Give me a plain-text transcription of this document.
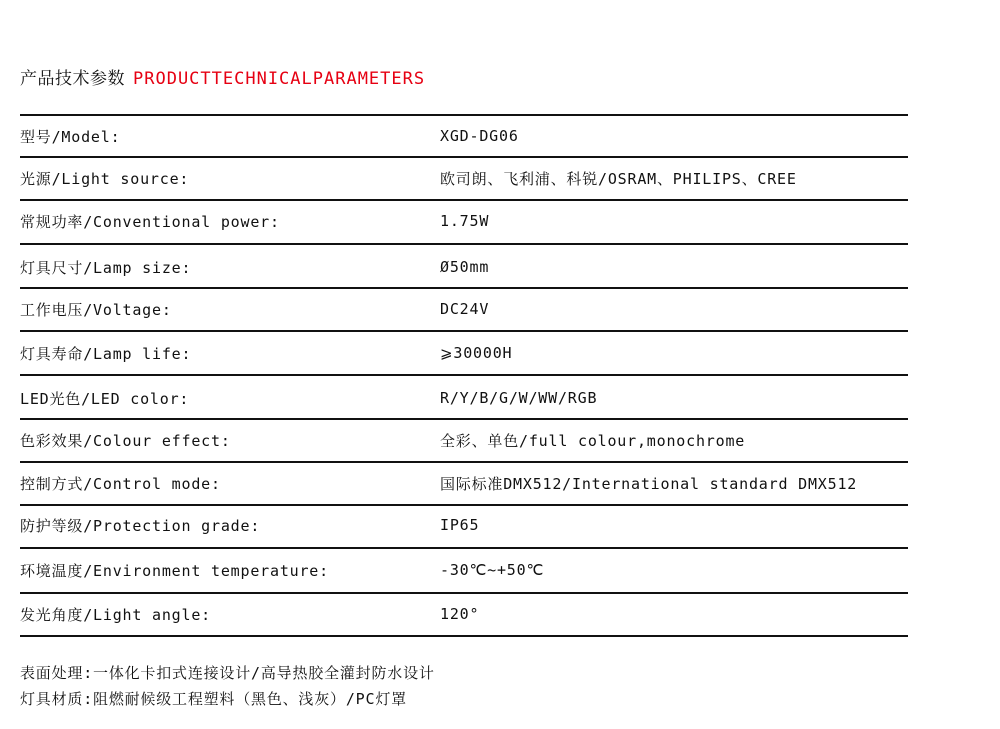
产品技术参数 PRODUCTTECHNICALPARAMETERS
型号/Model:	XGD-DG06
光源/Light source:	欧司朗、飞利浦、科锐/OSRAM、PHILIPS、CREE
常规功率/Conventional power:	1.75W
灯具尺寸/Lamp size:	Ø50mm
工作电压/Voltage:	DC24V
灯具寿命/Lamp life:	⩾30000H
LED光色/LED color:	R/Y/B/G/W/WW/RGB
色彩效果/Colour effect:	全彩、单色/full colour,monochrome
控制方式/Control mode:	国际标准DMX512/International standard DMX512
防护等级/Protection grade:	IP65
环境温度/Environment temperature:	-30℃~+50℃
发光角度/Light angle:	120°
表面处理:一体化卡扣式连接设计/高导热胶全灌封防水设计
灯具材质:阻燃耐候级工程塑料（黑色、浅灰）/PC灯罩
